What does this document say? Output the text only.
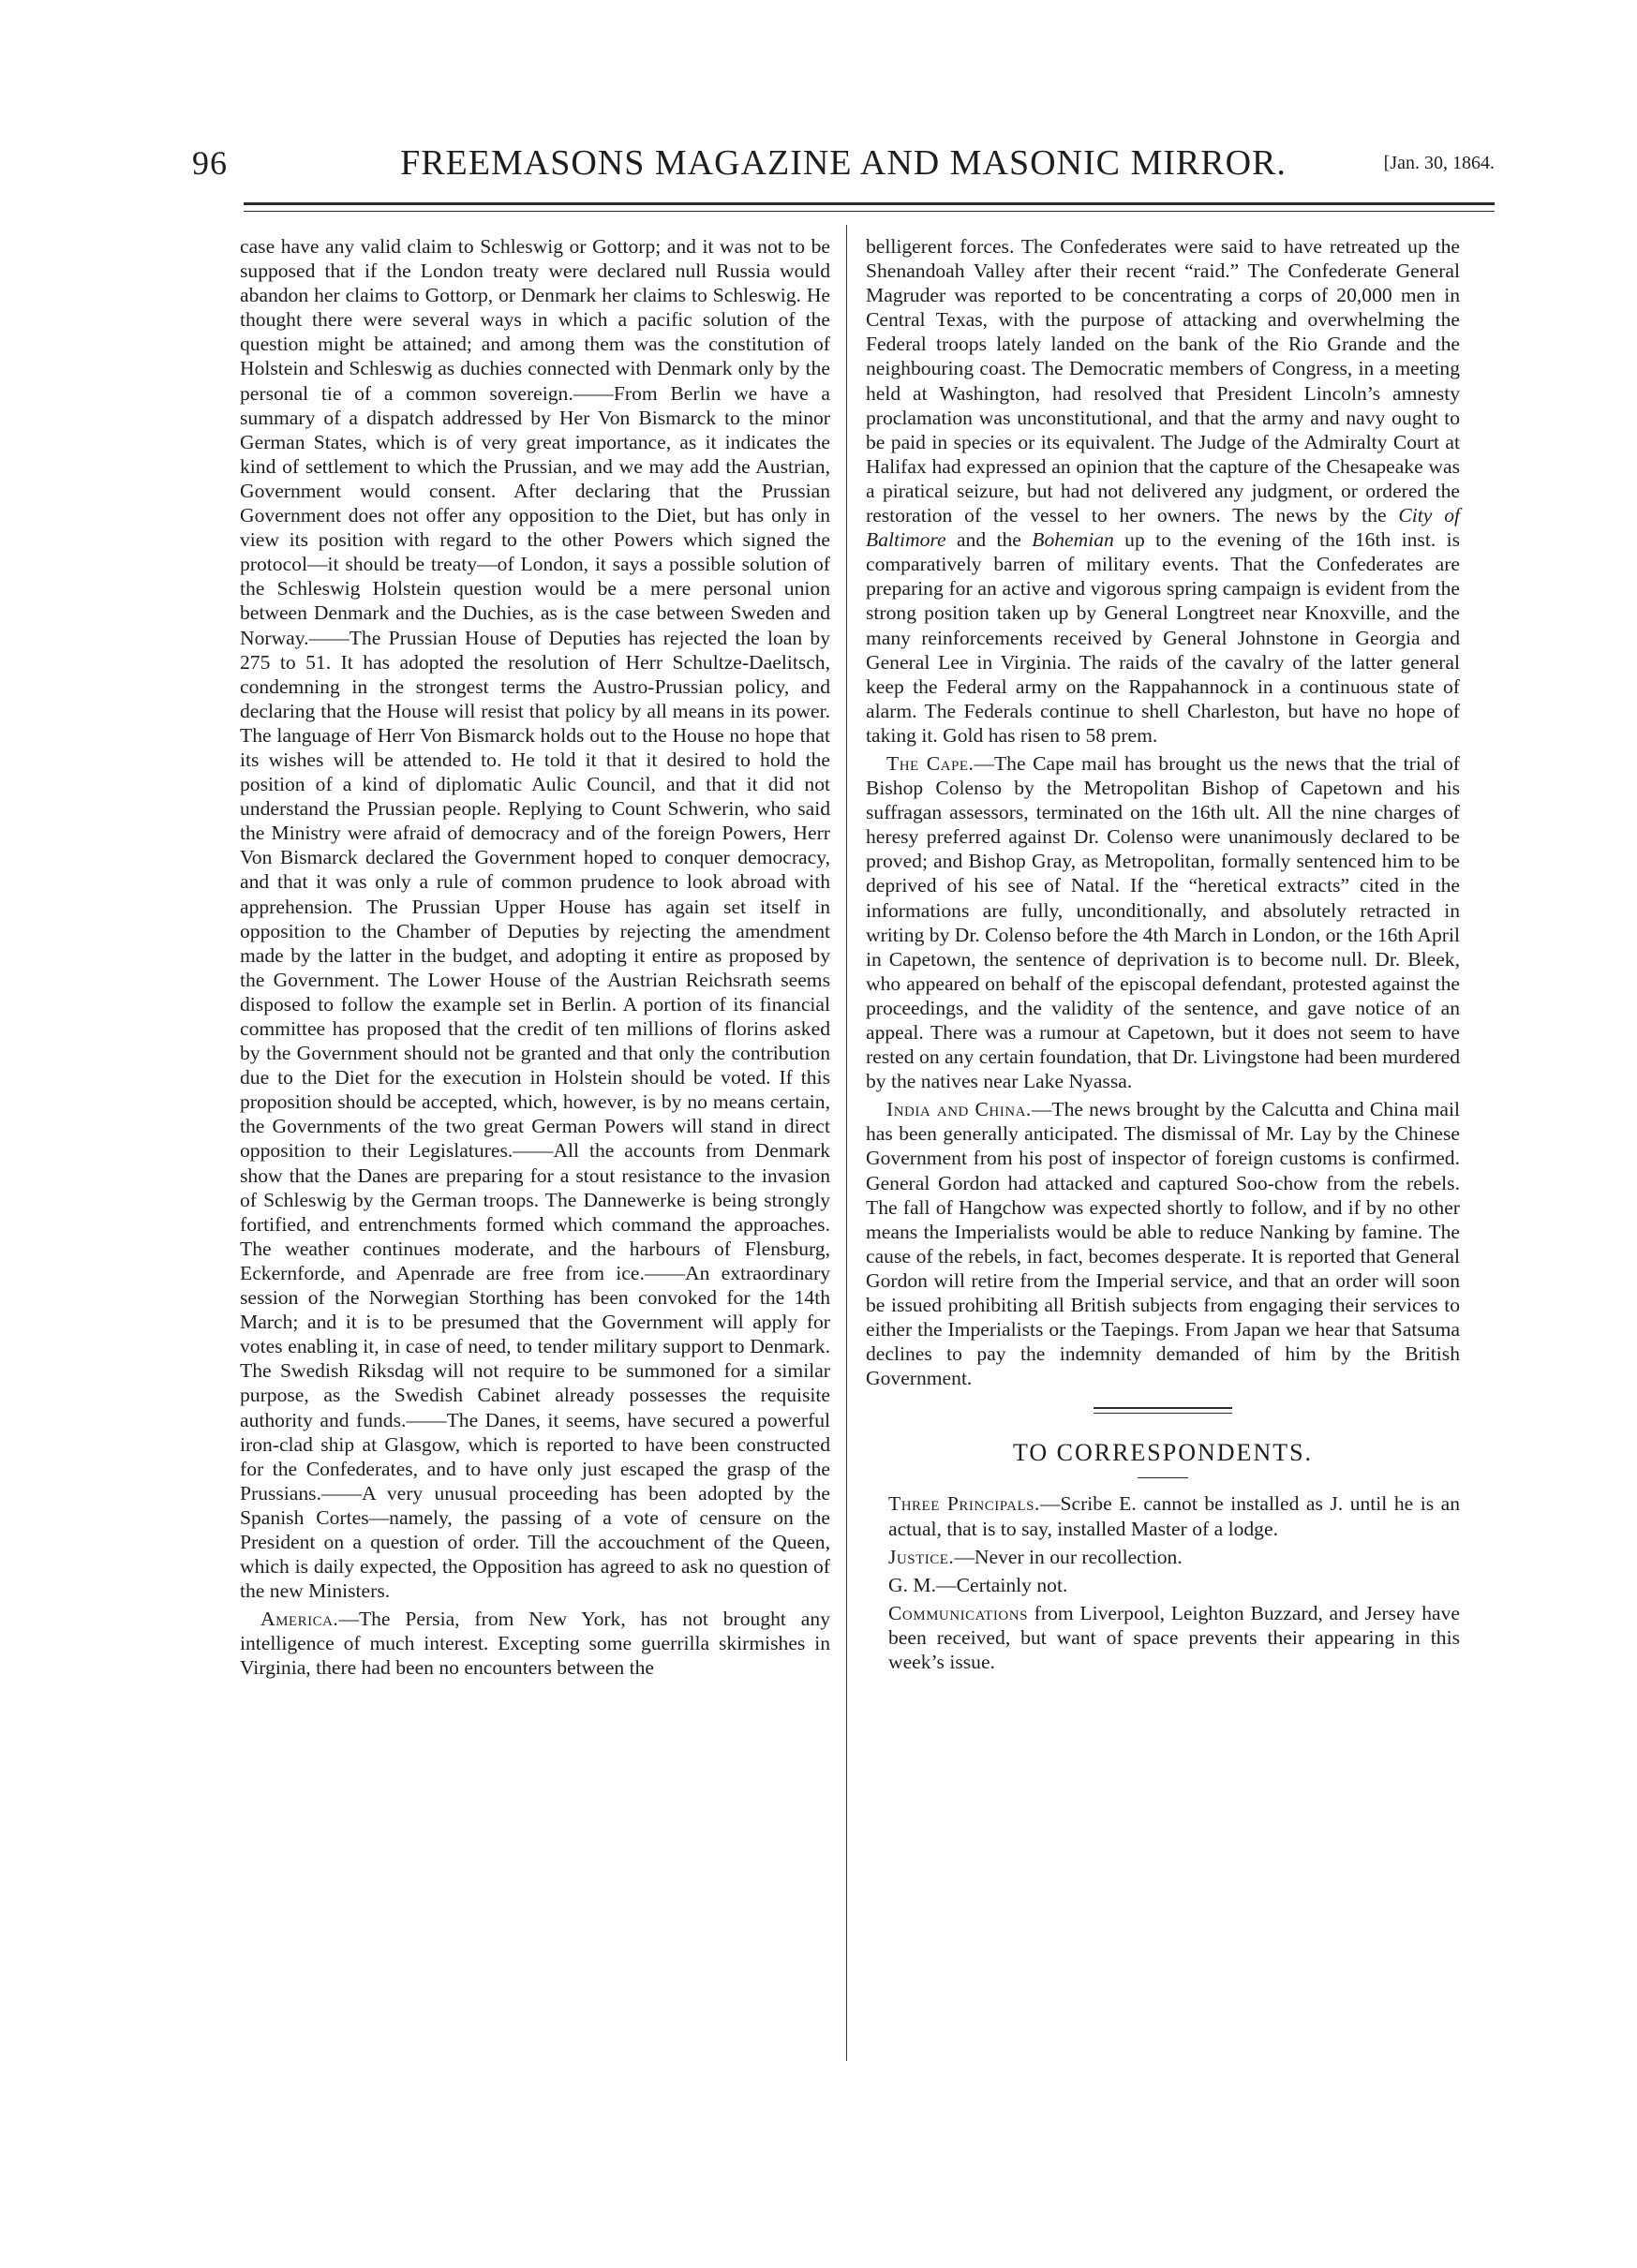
96	FREEMASONS MAGAZINE AND MASONIC MIRROR.	[Jan. 30, 1864.

case have any valid claim to Schleswig or Gottorp; and it was not to be supposed that if the London treaty were declared null Russia would abandon her claims to Gottorp, or Denmark her claims to Schleswig. He thought there were several ways in which a pacific solution of the question might be attained; and among them was the constitution of Holstein and Schleswig as duchies connected with Denmark only by the personal tie of a common sovereign.——From Berlin we have a summary of a dispatch addressed by Her Von Bismarck to the minor German States, which is of very great importance, as it indicates the kind of settlement to which the Prussian, and we may add the Austrian, Government would consent. After declaring that the Prussian Government does not offer any opposition to the Diet, but has only in view its position with regard to the other Powers which signed the protocol—it should be treaty—of London, it says a possible solution of the Schleswig Holstein question would be a mere personal union between Denmark and the Duchies, as is the case between Sweden and Norway.——The Prussian House of Deputies has rejected the loan by 275 to 51. It has adopted the resolution of Herr Schultze-Daelitsch, condemning in the strongest terms the Austro-Prussian policy, and declaring that the House will resist that policy by all means in its power. The language of Herr Von Bismarck holds out to the House no hope that its wishes will be attended to. He told it that it desired to hold the position of a kind of diplomatic Aulic Council, and that it did not understand the Prussian people. Replying to Count Schwerin, who said the Ministry were afraid of democracy and of the foreign Powers, Herr Von Bismarck declared the Government hoped to conquer democracy, and that it was only a rule of common prudence to look abroad with apprehension. The Prussian Upper House has again set itself in opposition to the Chamber of Deputies by rejecting the amendment made by the latter in the budget, and adopting it entire as proposed by the Government. The Lower House of the Austrian Reichsrath seems disposed to follow the example set in Berlin. A portion of its financial committee has proposed that the credit of ten millions of florins asked by the Government should not be granted and that only the contribution due to the Diet for the execution in Holstein should be voted. If this proposition should be accepted, which, however, is by no means certain, the Governments of the two great German Powers will stand in direct opposition to their Legislatures.——All the accounts from Denmark show that the Danes are preparing for a stout resistance to the invasion of Schleswig by the German troops. The Dannewerke is being strongly fortified, and entrenchments formed which command the approaches. The weather continues moderate, and the harbours of Flensburg, Eckernforde, and Apenrade are free from ice.——An extraordinary session of the Norwegian Storthing has been convoked for the 14th March; and it is to be presumed that the Government will apply for votes enabling it, in case of need, to tender military support to Denmark. The Swedish Riksdag will not require to be summoned for a similar purpose, as the Swedish Cabinet already possesses the requisite authority and funds.——The Danes, it seems, have secured a powerful iron-clad ship at Glasgow, which is reported to have been constructed for the Confederates, and to have only just escaped the grasp of the Prussians.——A very unusual proceeding has been adopted by the Spanish Cortes—namely, the passing of a vote of censure on the President on a question of order. Till the accouchment of the Queen, which is daily expected, the Opposition has agreed to ask no question of the new Ministers.

America.—The Persia, from New York, has not brought any intelligence of much interest. Excepting some guerrilla skirmishes in Virginia, there had been no encounters between the

belligerent forces. The Confederates were said to have retreated up the Shenandoah Valley after their recent “raid.” The Confederate General Magruder was reported to be concentrating a corps of 20,000 men in Central Texas, with the purpose of attacking and overwhelming the Federal troops lately landed on the bank of the Rio Grande and the neighbouring coast. The Democratic members of Congress, in a meeting held at Washington, had resolved that President Lincoln’s amnesty proclamation was unconstitutional, and that the army and navy ought to be paid in species or its equivalent. The Judge of the Admiralty Court at Halifax had expressed an opinion that the capture of the Chesapeake was a piratical seizure, but had not delivered any judgment, or ordered the restoration of the vessel to her owners. The news by the City of Baltimore and the Bohemian up to the evening of the 16th inst. is comparatively barren of military events. That the Confederates are preparing for an active and vigorous spring campaign is evident from the strong position taken up by General Longtreet near Knoxville, and the many reinforcements received by General Johnstone in Georgia and General Lee in Virginia. The raids of the cavalry of the latter general keep the Federal army on the Rappahannock in a continuous state of alarm. The Federals continue to shell Charleston, but have no hope of taking it. Gold has risen to 58 prem.

The Cape.—The Cape mail has brought us the news that the trial of Bishop Colenso by the Metropolitan Bishop of Capetown and his suffragan assessors, terminated on the 16th ult. All the nine charges of heresy preferred against Dr. Colenso were unanimously declared to be proved; and Bishop Gray, as Metropolitan, formally sentenced him to be deprived of his see of Natal. If the “heretical extracts” cited in the informations are fully, unconditionally, and absolutely retracted in writing by Dr. Colenso before the 4th March in London, or the 16th April in Capetown, the sentence of deprivation is to become null. Dr. Bleek, who appeared on behalf of the episcopal defendant, protested against the proceedings, and the validity of the sentence, and gave notice of an appeal. There was a rumour at Capetown, but it does not seem to have rested on any certain foundation, that Dr. Livingstone had been murdered by the natives near Lake Nyassa.

India and China.—The news brought by the Calcutta and China mail has been generally anticipated. The dismissal of Mr. Lay by the Chinese Government from his post of inspector of foreign customs is confirmed. General Gordon had attacked and captured Soo-chow from the rebels. The fall of Hangchow was expected shortly to follow, and if by no other means the Imperialists would be able to reduce Nanking by famine. The cause of the rebels, in fact, becomes desperate. It is reported that General Gordon will retire from the Imperial service, and that an order will soon be issued prohibiting all British subjects from engaging their services to either the Imperialists or the Taepings. From Japan we hear that Satsuma declines to pay the indemnity demanded of him by the British Government.

TO CORRESPONDENTS.

Three Principals.—Scribe E. cannot be installed as J. until he is an actual, that is to say, installed Master of a lodge.

Justice.—Never in our recollection.

G. M.—Certainly not.

Communications from Liverpool, Leighton Buzzard, and Jersey have been received, but want of space prevents their appearing in this week’s issue.
